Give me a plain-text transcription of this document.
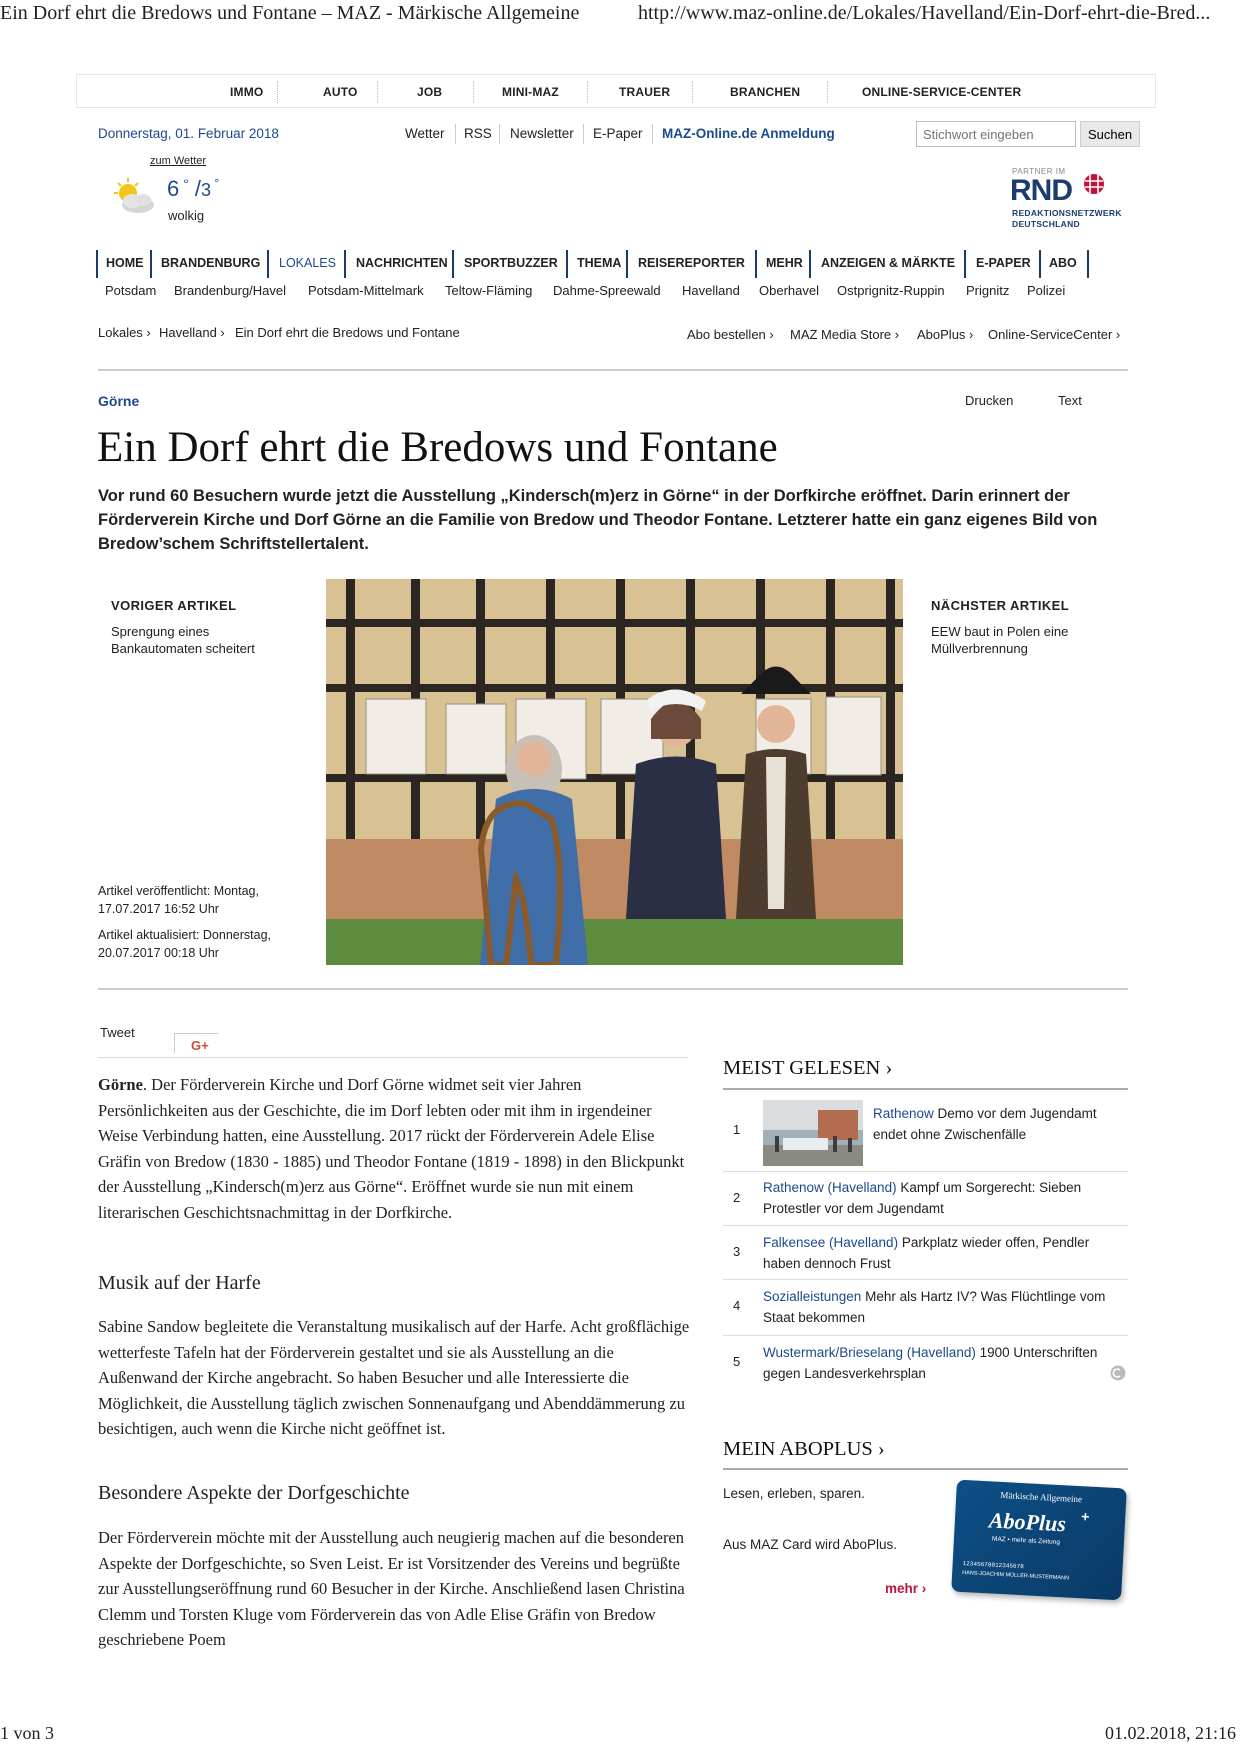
Ein Dorf ehrt die Bredows und Fontane – MAZ - Märkische Allgemeine	http://www.maz-online.de/Lokales/Havelland/Ein-Dorf-ehrt-die-Bred...
IMMO	AUTO	JOB	MINI-MAZ	TRAUER	BRANCHEN	ONLINE-SERVICE-CENTER
Donnerstag, 01. Februar 2018	Wetter RSS Newsletter E-Paper MAZ-Online.de Anmeldung
Stichwort eingeben	Suchen
zum Wetter
6 ° /3 °
wolkig
PARTNER IM
RND
REDAKTIONSNETZWERK
DEUTSCHLAND
HOME BRANDENBURG LOKALES NACHRICHTEN SPORTBUZZER THEMA REISEREPORTER MEHR ANZEIGEN & MÄRKTE E-PAPER ABO
Potsdam Brandenburg/Havel Potsdam-Mittelmark Teltow-Fläming Dahme-Spreewald Havelland Oberhavel Ostprignitz-Ruppin Prignitz Polizei
Lokales › Havelland › Ein Dorf ehrt die Bredows und Fontane	Abo bestellen › MAZ Media Store › AboPlus › Online-ServiceCenter ›
Görne	Drucken	Text
Ein Dorf ehrt die Bredows und Fontane

Vor rund 60 Besuchern wurde jetzt die Ausstellung „Kindersch(m)erz in Görne“ in der Dorfkirche eröffnet. Darin erinnert der Förderverein Kirche und Dorf Görne an die Familie von Bredow und Theodor Fontane. Letzterer hatte ein ganz eigenes Bild von Bredow’schem Schriftstellertalent.

VORIGER ARTIKEL
Sprengung eines Bankautomaten scheitert
NÄCHSTER ARTIKEL
EEW baut in Polen eine Müllverbrennung
Artikel veröffentlicht: Montag, 17.07.2017 16:52 Uhr
Artikel aktualisiert: Donnerstag, 20.07.2017 00:18 Uhr
Tweet
G+

Görne. Der Förderverein Kirche und Dorf Görne widmet seit vier Jahren Persönlichkeiten aus der Geschichte, die im Dorf lebten oder mit ihm in irgendeiner Weise Verbindung hatten, eine Ausstellung. 2017 rückt der Förderverein Adele Elise Gräfin von Bredow (1830 - 1885) und Theodor Fontane (1819 - 1898) in den Blickpunkt der Ausstellung „Kindersch(m)erz aus Görne“. Eröffnet wurde sie nun mit einem literarischen Geschichtsnachmittag in der Dorfkirche.

Musik auf der Harfe

Sabine Sandow begleitete die Veranstaltung musikalisch auf der Harfe. Acht großflächige wetterfeste Tafeln hat der Förderverein gestaltet und sie als Ausstellung an die Außenwand der Kirche angebracht. So haben Besucher und alle Interessierte die Möglichkeit, die Ausstellung täglich zwischen Sonnenaufgang und Abenddämmerung zu besichtigen, auch wenn die Kirche nicht geöffnet ist.

Besondere Aspekte der Dorfgeschichte

Der Förderverein möchte mit der Ausstellung auch neugierig machen auf die besonderen Aspekte der Dorfgeschichte, so Sven Leist. Er ist Vorsitzender des Vereins und begrüßte zur Ausstellungseröffnung rund 60 Besucher in der Kirche. Anschließend lasen Christina Clemm und Torsten Kluge vom Förderverein das von Adle Elise Gräfin von Bredow geschriebene Poem

MEIST GELESEN ›
1
Rathenow Demo vor dem Jugendamt endet ohne Zwischenfälle
2
Rathenow (Havelland) Kampf um Sorgerecht: Sieben Protestler vor dem Jugendamt
3
Falkensee (Havelland) Parkplatz wieder offen, Pendler haben dennoch Frust
4
Sozialleistungen Mehr als Hartz IV? Was Flüchtlinge vom Staat bekommen
5
Wustermark/Brieselang (Havelland) 1900 Unterschriften gegen Landesverkehrsplan
MEIN ABOPLUS ›
Lesen, erleben, sparen.
Aus MAZ Card wird AboPlus.
mehr ›
Märkische Allgemeine
AboPlus +
MAZ • mehr als Zeitung
12345678012345678
HANS-JOACHIM MÜLLER-MUSTERMANN
1 von 3	01.02.2018, 21:16
